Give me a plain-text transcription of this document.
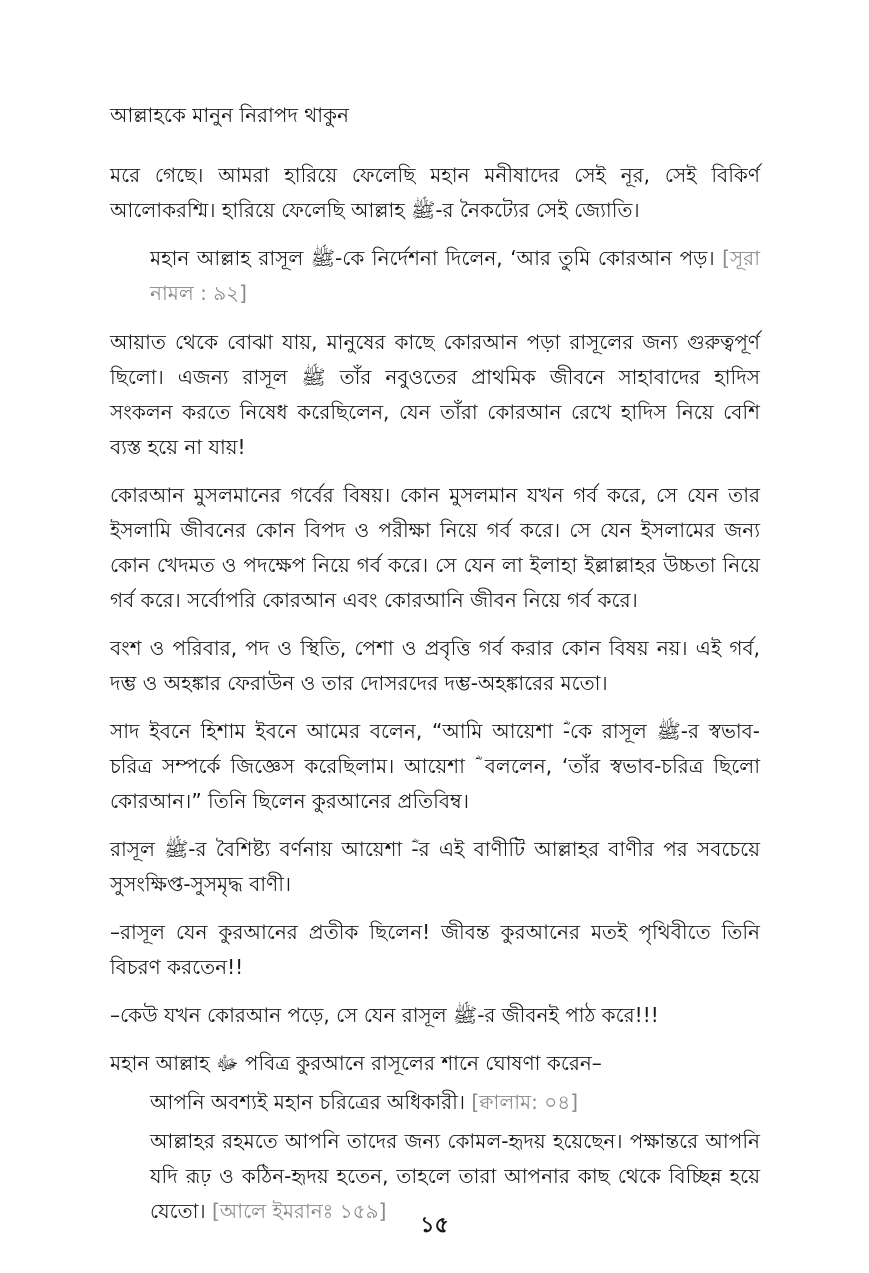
আল্লাহকে মানুন নিরাপদ থাকুন

মরে গেছে। আমরা হারিয়ে ফেলেছি মহান মনীষাদের সেই নূর, সেই বিকির্ণ আলোকরশ্মি। হারিয়ে ফেলেছি আল্লাহ ﷺ-র নৈকট্যের সেই জ্যোতি।

মহান আল্লাহ রাসূল ﷺ-কে নির্দেশনা দিলেন, ‘আর তুমি কোরআন পড়। [সূরা নামল : ৯২]

আয়াত থেকে বোঝা যায়, মানুষের কাছে কোরআন পড়া রাসূলের জন্য গুরুত্বপূর্ণ ছিলো। এজন্য রাসূল ﷺ তাঁর নবুওতের প্রাথমিক জীবনে সাহাবাদের হাদিস সংকলন করতে নিষেধ করেছিলেন, যেন তাঁরা কোরআন রেখে হাদিস নিয়ে বেশি ব্যস্ত হয়ে না যায়!

কোরআন মুসলমানের গর্বের বিষয়। কোন মুসলমান যখন গর্ব করে, সে যেন তার ইসলামি জীবনের কোন বিপদ ও পরীক্ষা নিয়ে গর্ব করে। সে যেন ইসলামের জন্য কোন খেদমত ও পদক্ষেপ নিয়ে গর্ব করে। সে যেন লা ইলাহা ইল্লাল্লাহর উচ্চতা নিয়ে গর্ব করে। সর্বোপরি কোরআন এবং কোরআনি জীবন নিয়ে গর্ব করে।

বংশ ও পরিবার, পদ ও স্থিতি, পেশা ও প্রবৃত্তি গর্ব করার কোন বিষয় নয়। এই গর্ব, দম্ভ ও অহঙ্কার ফেরাউন ও তার দোসরদের দম্ভ-অহঙ্কারের মতো।

সাদ ইবনে হিশাম ইবনে আমের বলেন, “আমি আয়েশা ؓ-কে রাসূল ﷺ-র স্বভাব-চরিত্র সম্পর্কে জিজ্ঞেস করেছিলাম। আয়েশা ؓ বললেন, ‘তাঁর স্বভাব-চরিত্র ছিলো কোরআন।” তিনি ছিলেন কুরআনের প্রতিবিম্ব।

রাসূল ﷺ-র বৈশিষ্ট্য বর্ণনায় আয়েশা ؓ-র এই বাণীটি আল্লাহর বাণীর পর সবচেয়ে সুসংক্ষিপ্ত-সুসমৃদ্ধ বাণী।

–রাসূল যেন কুরআনের প্রতীক ছিলেন! জীবন্ত কুরআনের মতই পৃথিবীতে তিনি বিচরণ করতেন!!

–কেউ যখন কোরআন পড়ে, সে যেন রাসূল ﷺ-র জীবনই পাঠ করে!!!

মহান আল্লাহ ﷻ পবিত্র কুরআনে রাসূলের শানে ঘোষণা করেন–

আপনি অবশ্যই মহান চরিত্রের অধিকারী। [ক্বালাম: ০৪]

আল্লাহর রহমতে আপনি তাদের জন্য কোমল-হৃদয় হয়েছেন। পক্ষান্তরে আপনি যদি রূঢ় ও কঠিন-হৃদয় হতেন, তাহলে তারা আপনার কাছ থেকে বিচ্ছিন্ন হয়ে যেতো। [আলে ইমরানঃ ১৫৯]

১৫
